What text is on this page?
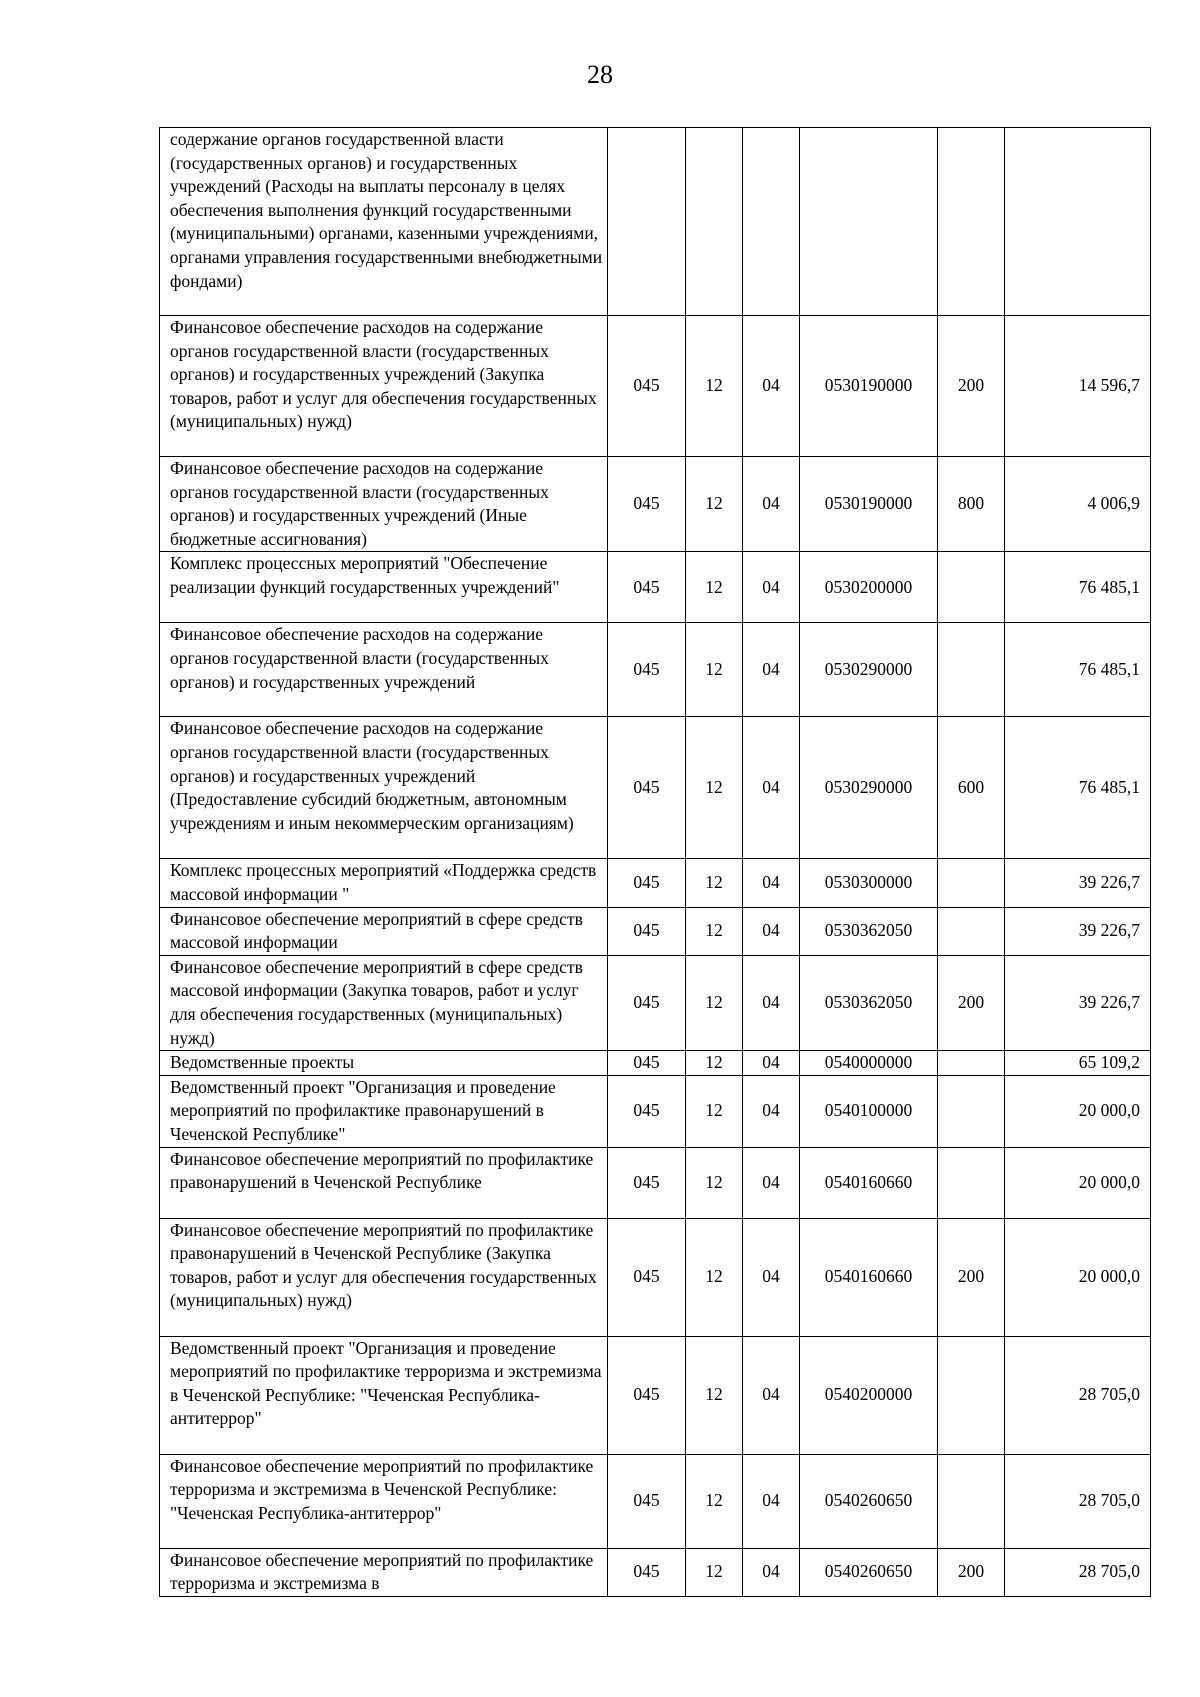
28
содержание органов государственной власти (государственных органов) и государственных учреждений (Расходы на выплаты персоналу в целях обеспечения выполнения функций государственными (муниципальными) органами, казенными учреждениями, органами управления государственными внебюджетными фондами)						
Финансовое обеспечение расходов на содержание органов государственной власти (государственных органов) и государственных учреждений (Закупка товаров, работ и услуг для обеспечения государственных (муниципальных) нужд)	045	12	04	0530190000	200	14 596,7
Финансовое обеспечение расходов на содержание органов государственной власти (государственных органов) и государственных учреждений (Иные бюджетные ассигнования)	045	12	04	0530190000	800	4 006,9
Комплекс процессных мероприятий "Обеспечение реализации функций государственных учреждений"	045	12	04	0530200000		76 485,1
Финансовое обеспечение расходов на содержание органов государственной власти (государственных органов) и государственных учреждений	045	12	04	0530290000		76 485,1
Финансовое обеспечение расходов на содержание органов государственной власти (государственных органов) и государственных учреждений (Предоставление субсидий бюджетным, автономным учреждениям и иным некоммерческим организациям)	045	12	04	0530290000	600	76 485,1
Комплекс процессных мероприятий «Поддержка средств массовой информации "	045	12	04	0530300000		39 226,7
Финансовое обеспечение мероприятий в сфере средств массовой информации	045	12	04	0530362050		39 226,7
Финансовое обеспечение мероприятий в сфере средств массовой информации (Закупка товаров, работ и услуг для обеспечения государственных (муниципальных) нужд)	045	12	04	0530362050	200	39 226,7
Ведомственные проекты	045	12	04	0540000000		65 109,2
Ведомственный проект "Организация и проведение мероприятий по профилактике правонарушений в Чеченской Республике"	045	12	04	0540100000		20 000,0
Финансовое обеспечение мероприятий по профилактике правонарушений в Чеченской Республике	045	12	04	0540160660		20 000,0
Финансовое обеспечение мероприятий по профилактике правонарушений в Чеченской Республике (Закупка товаров, работ и услуг для обеспечения государственных (муниципальных) нужд)	045	12	04	0540160660	200	20 000,0
Ведомственный проект "Организация и проведение мероприятий по профилактике терроризма и экстремизма в Чеченской Республике: "Чеченская Республика-антитеррор"	045	12	04	0540200000		28 705,0
Финансовое обеспечение мероприятий по профилактике терроризма и экстремизма в Чеченской Республике: "Чеченская Республика-антитеррор"	045	12	04	0540260650		28 705,0
Финансовое обеспечение мероприятий по профилактике терроризма и экстремизма в	045	12	04	0540260650	200	28 705,0
